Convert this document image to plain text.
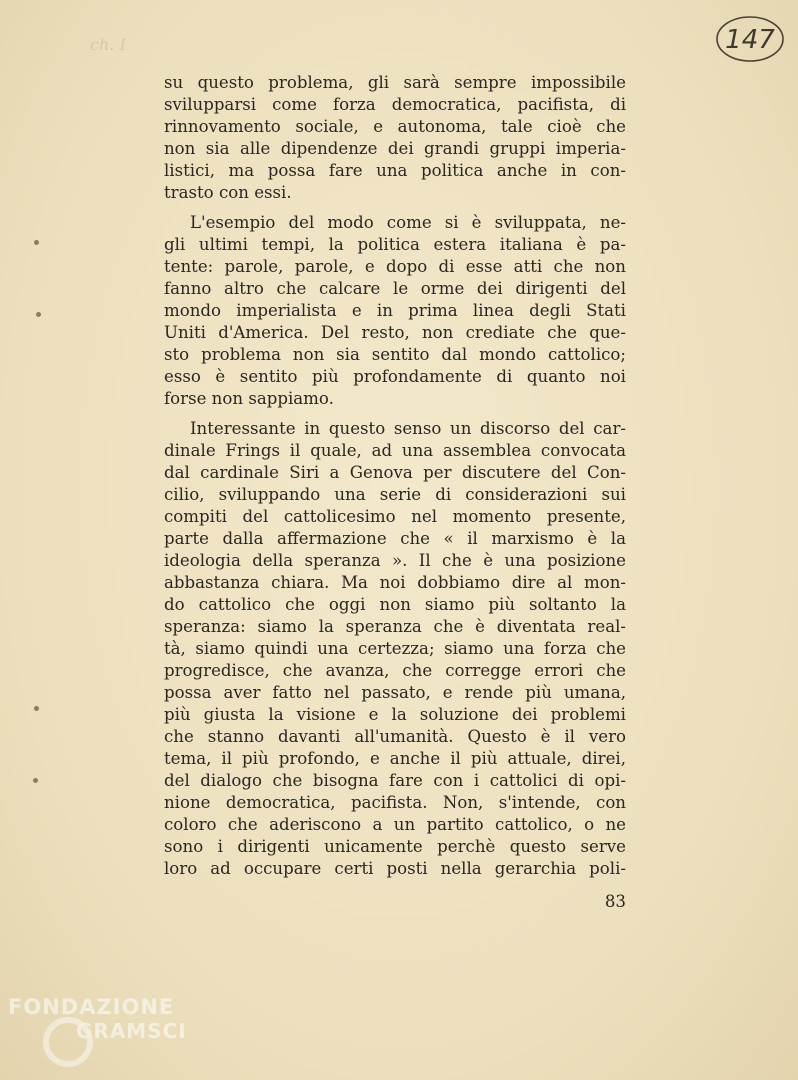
ch. I	147
su questo problema, gli sarà sempre impossibile
svilupparsi come forza democratica, pacifista, di
rinnovamento sociale, e autonoma, tale cioè che
non sia alle dipendenze dei grandi gruppi imperia-
listici, ma possa fare una politica anche in con-
trasto con essi.
L'esempio del modo come si è sviluppata, ne-
gli ultimi tempi, la politica estera italiana è pa-
tente: parole, parole, e dopo di esse atti che non
fanno altro che calcare le orme dei dirigenti del
mondo imperialista e in prima linea degli Stati
Uniti d'America. Del resto, non crediate che que-
sto problema non sia sentito dal mondo cattolico;
esso è sentito più profondamente di quanto noi
forse non sappiamo.
Interessante in questo senso un discorso del car-
dinale Frings il quale, ad una assemblea convocata
dal cardinale Siri a Genova per discutere del Con-
cilio, sviluppando una serie di considerazioni sui
compiti del cattolicesimo nel momento presente,
parte dalla affermazione che « il marxismo è la
ideologia della speranza ». Il che è una posizione
abbastanza chiara. Ma noi dobbiamo dire al mon-
do cattolico che oggi non siamo più soltanto la
speranza: siamo la speranza che è diventata real-
tà, siamo quindi una certezza; siamo una forza che
progredisce, che avanza, che corregge errori che
possa aver fatto nel passato, e rende più umana,
più giusta la visione e la soluzione dei problemi
che stanno davanti all'umanità. Questo è il vero
tema, il più profondo, e anche il più attuale, direi,
del dialogo che bisogna fare con i cattolici di opi-
nione democratica, pacifista. Non, s'intende, con
coloro che aderiscono a un partito cattolico, o ne
sono i dirigenti unicamente perchè questo serve
loro ad occupare certi posti nella gerarchia poli-
83
FONDAZIONE
GRAMSCI
